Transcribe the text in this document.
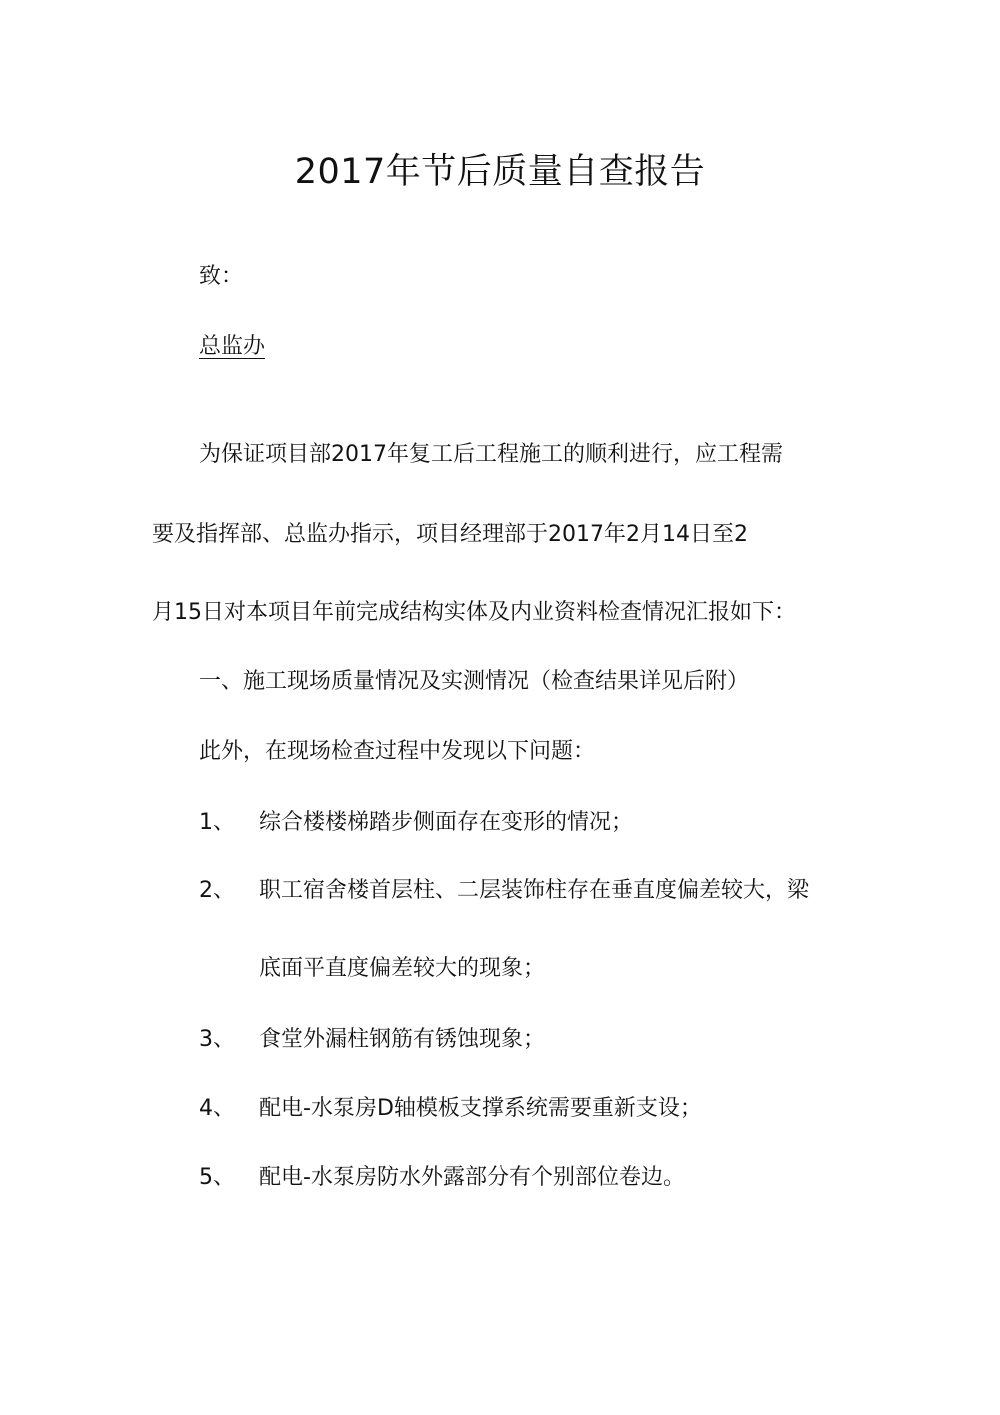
2017年节后质量自查报告

致：

总监办

为保证项目部2017年复工后工程施工的顺利进行，应工程需

要及指挥部、总监办指示，项目经理部于2017年2月14日至2

月15日对本项目年前完成结构实体及内业资料检查情况汇报如下：

一、施工现场质量情况及实测情况（检查结果详见后附）

此外，在现场检查过程中发现以下问题：

1、 综合楼楼梯踏步侧面存在变形的情况；
2、 职工宿舍楼首层柱、二层装饰柱存在垂直度偏差较大，梁
底面平直度偏差较大的现象；
3、 食堂外漏柱钢筋有锈蚀现象；
4、 配电-水泵房D轴模板支撑系统需要重新支设；
5、 配电-水泵房防水外露部分有个别部位卷边。
